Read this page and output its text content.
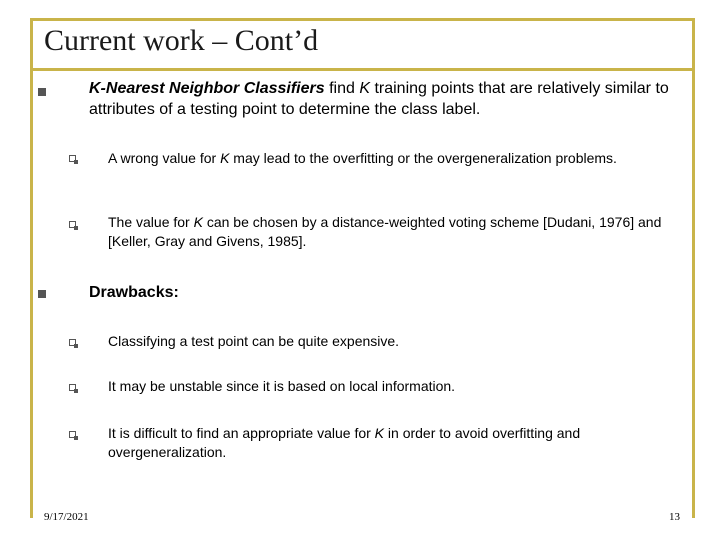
Current work – Cont’d
K-Nearest Neighbor Classifiers find K training points that are relatively similar to attributes of a testing point to determine the class label.
A wrong value for K may lead to the overfitting or the overgeneralization problems.
The value for K can be chosen by a distance-weighted voting scheme [Dudani, 1976] and [Keller, Gray and Givens, 1985].
Drawbacks:
Classifying a test point can be quite expensive.
It may be unstable since it is based on local information.
It is difficult to find an appropriate value for K in order to avoid overfitting and overgeneralization.
9/17/2021	13
